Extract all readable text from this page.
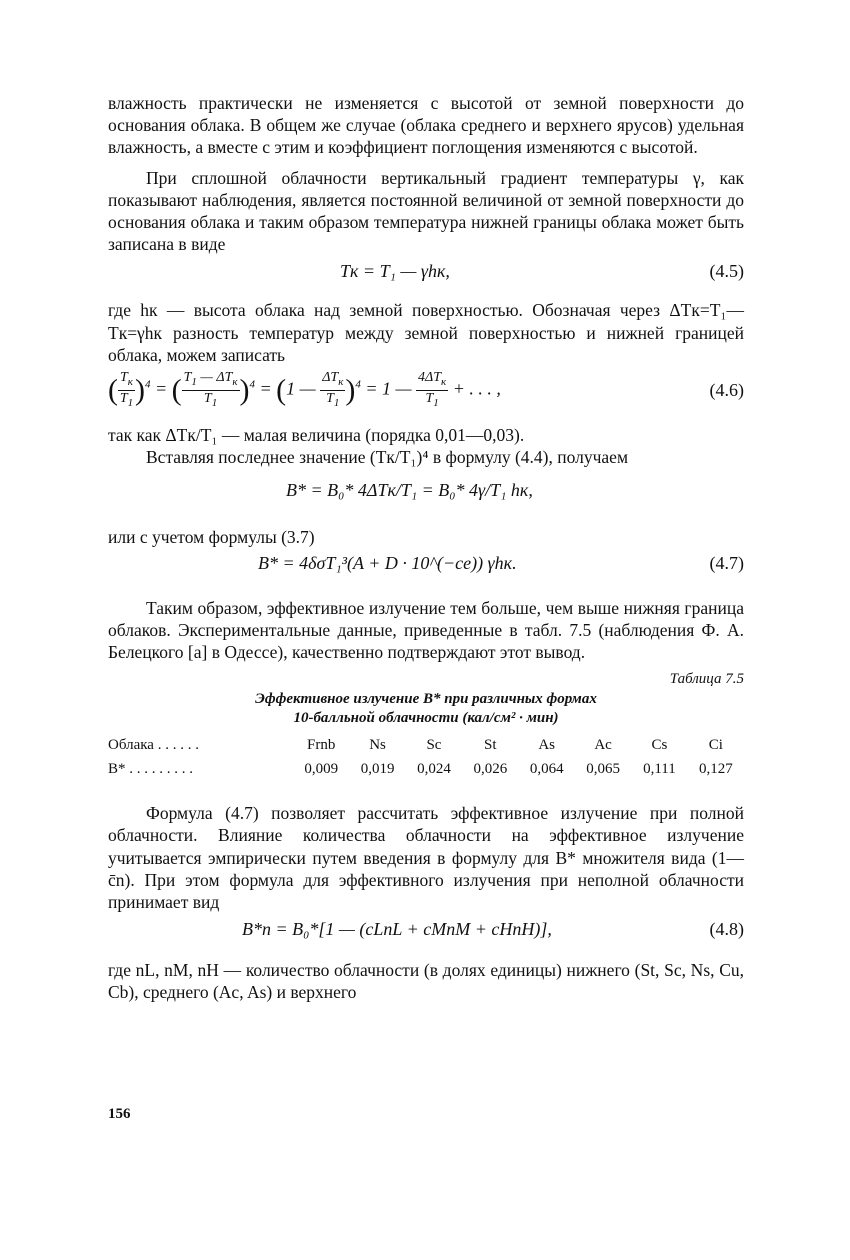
влажность практически не изменяется с высотой от земной поверхности до основания облака. В общем же случае (облака среднего и верхнего ярусов) удельная влажность, а вместе с этим и коэффициент поглощения изменяются с высотой.

При сплошной облачности вертикальный градиент температуры γ, как показывают наблюдения, является постоянной величиной от земной поверхности до основания облака и таким образом температура нижней границы облака может быть записана в виде

Tк = T₁ — γhк,	(4.5)

где hк — высота облака над земной поверхностью. Обозначая через ΔTк=T₁—Tк=γhк разность температур между земной поверхностью и нижней границей облака, можем записать

( $\frac{T_к}{T_1} )^4$ = ( $\frac{T_1 — \Delta T_к}{T_1} )^4 = (1$ — $\frac{\Delta T_к}{T_1} )^4 = 1$ — $\frac{4\Delta T_к}{T_1}$ + . . . ,	(4.6)

так как ΔTк/T₁ — малая величина (порядка 0,01—0,03).

Вставляя последнее значение (Tк/T₁)⁴ в формулу (4.4), получаем

B* = B₀* 4ΔTк/T₁ = B₀* 4γ/T₁ hк,

или с учетом формулы (3.7)

B* = 4δσT₁³(A + D · 10^(−ce)) γhк.	(4.7)

Таким образом, эффективное излучение тем больше, чем выше нижняя граница облаков. Экспериментальные данные, приведенные в табл. 7.5 (наблюдения Ф. А. Белецкого [а] в Одессе), качественно подтверждают этот вывод.

Таблица 7.5
Эффективное излучение B* при различных формах
10-балльной облачности (кал/см² · мин)
Облака . . . . . .	Frnb	Ns	Sc	St	As	Ac	Cs	Ci
B* . . . . . . . . .	0,009	0,019	0,024	0,026	0,064	0,065	0,111	0,127

Формула (4.7) позволяет рассчитать эффективное излучение при полной облачности. Влияние количества облачности на эффективное излучение учитывается эмпирически путем введения в формулу для B* множителя вида (1—c̄n). При этом формула для эффективного излучения при неполной облачности принимает вид

B*n = B₀*[1 — (cLnL + cMnM + cHnH)],	(4.8)

где nL, nM, nH — количество облачности (в долях единицы) нижнего (St, Sc, Ns, Cu, Cb), среднего (Ac, As) и верхнего

156
